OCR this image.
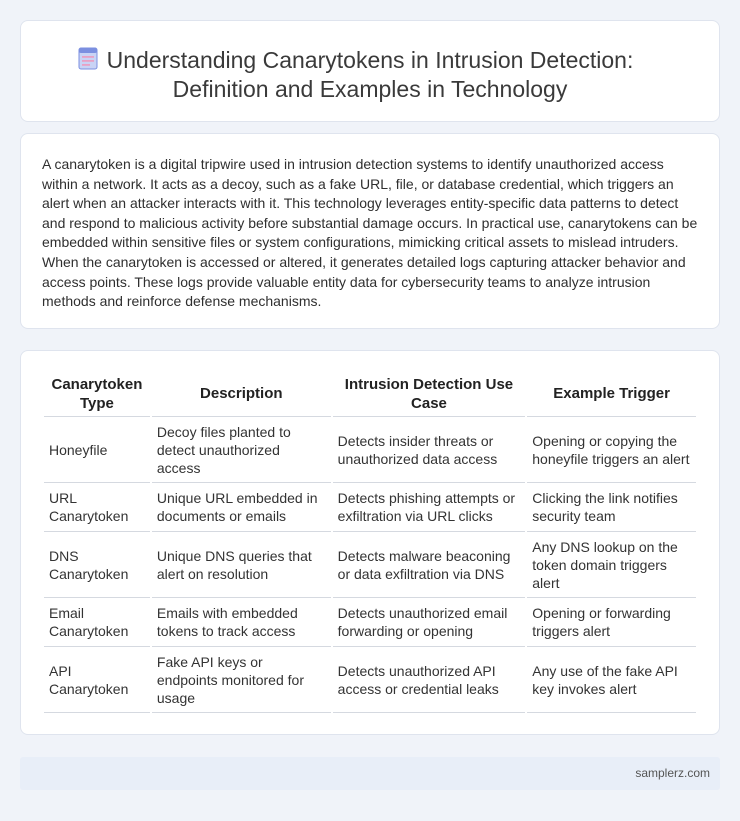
Understanding Canarytokens in Intrusion Detection:
Definition and Examples in Technology

A canarytoken is a digital tripwire used in intrusion detection systems to identify unauthorized access within a network. It acts as a decoy, such as a fake URL, file, or database credential, which triggers an alert when an attacker interacts with it. This technology leverages entity-specific data patterns to detect and respond to malicious activity before substantial damage occurs. In practical use, canarytokens can be embedded within sensitive files or system configurations, mimicking critical assets to mislead intruders. When the canarytoken is accessed or altered, it generates detailed logs capturing attacker behavior and access points. These logs provide valuable entity data for cybersecurity teams to analyze intrusion methods and reinforce defense mechanisms.

Canarytoken Type	Description	Intrusion Detection Use Case	Example Trigger
Honeyfile	Decoy files planted to detect unauthorized access	Detects insider threats or unauthorized data access	Opening or copying the honeyfile triggers an alert
URL Canarytoken	Unique URL embedded in documents or emails	Detects phishing attempts or exfiltration via URL clicks	Clicking the link notifies security team
DNS Canarytoken	Unique DNS queries that alert on resolution	Detects malware beaconing or data exfiltration via DNS	Any DNS lookup on the token domain triggers alert
Email Canarytoken	Emails with embedded tokens to track access	Detects unauthorized email forwarding or opening	Opening or forwarding triggers alert
API Canarytoken	Fake API keys or endpoints monitored for usage	Detects unauthorized API access or credential leaks	Any use of the fake API key invokes alert
samplerz.com
